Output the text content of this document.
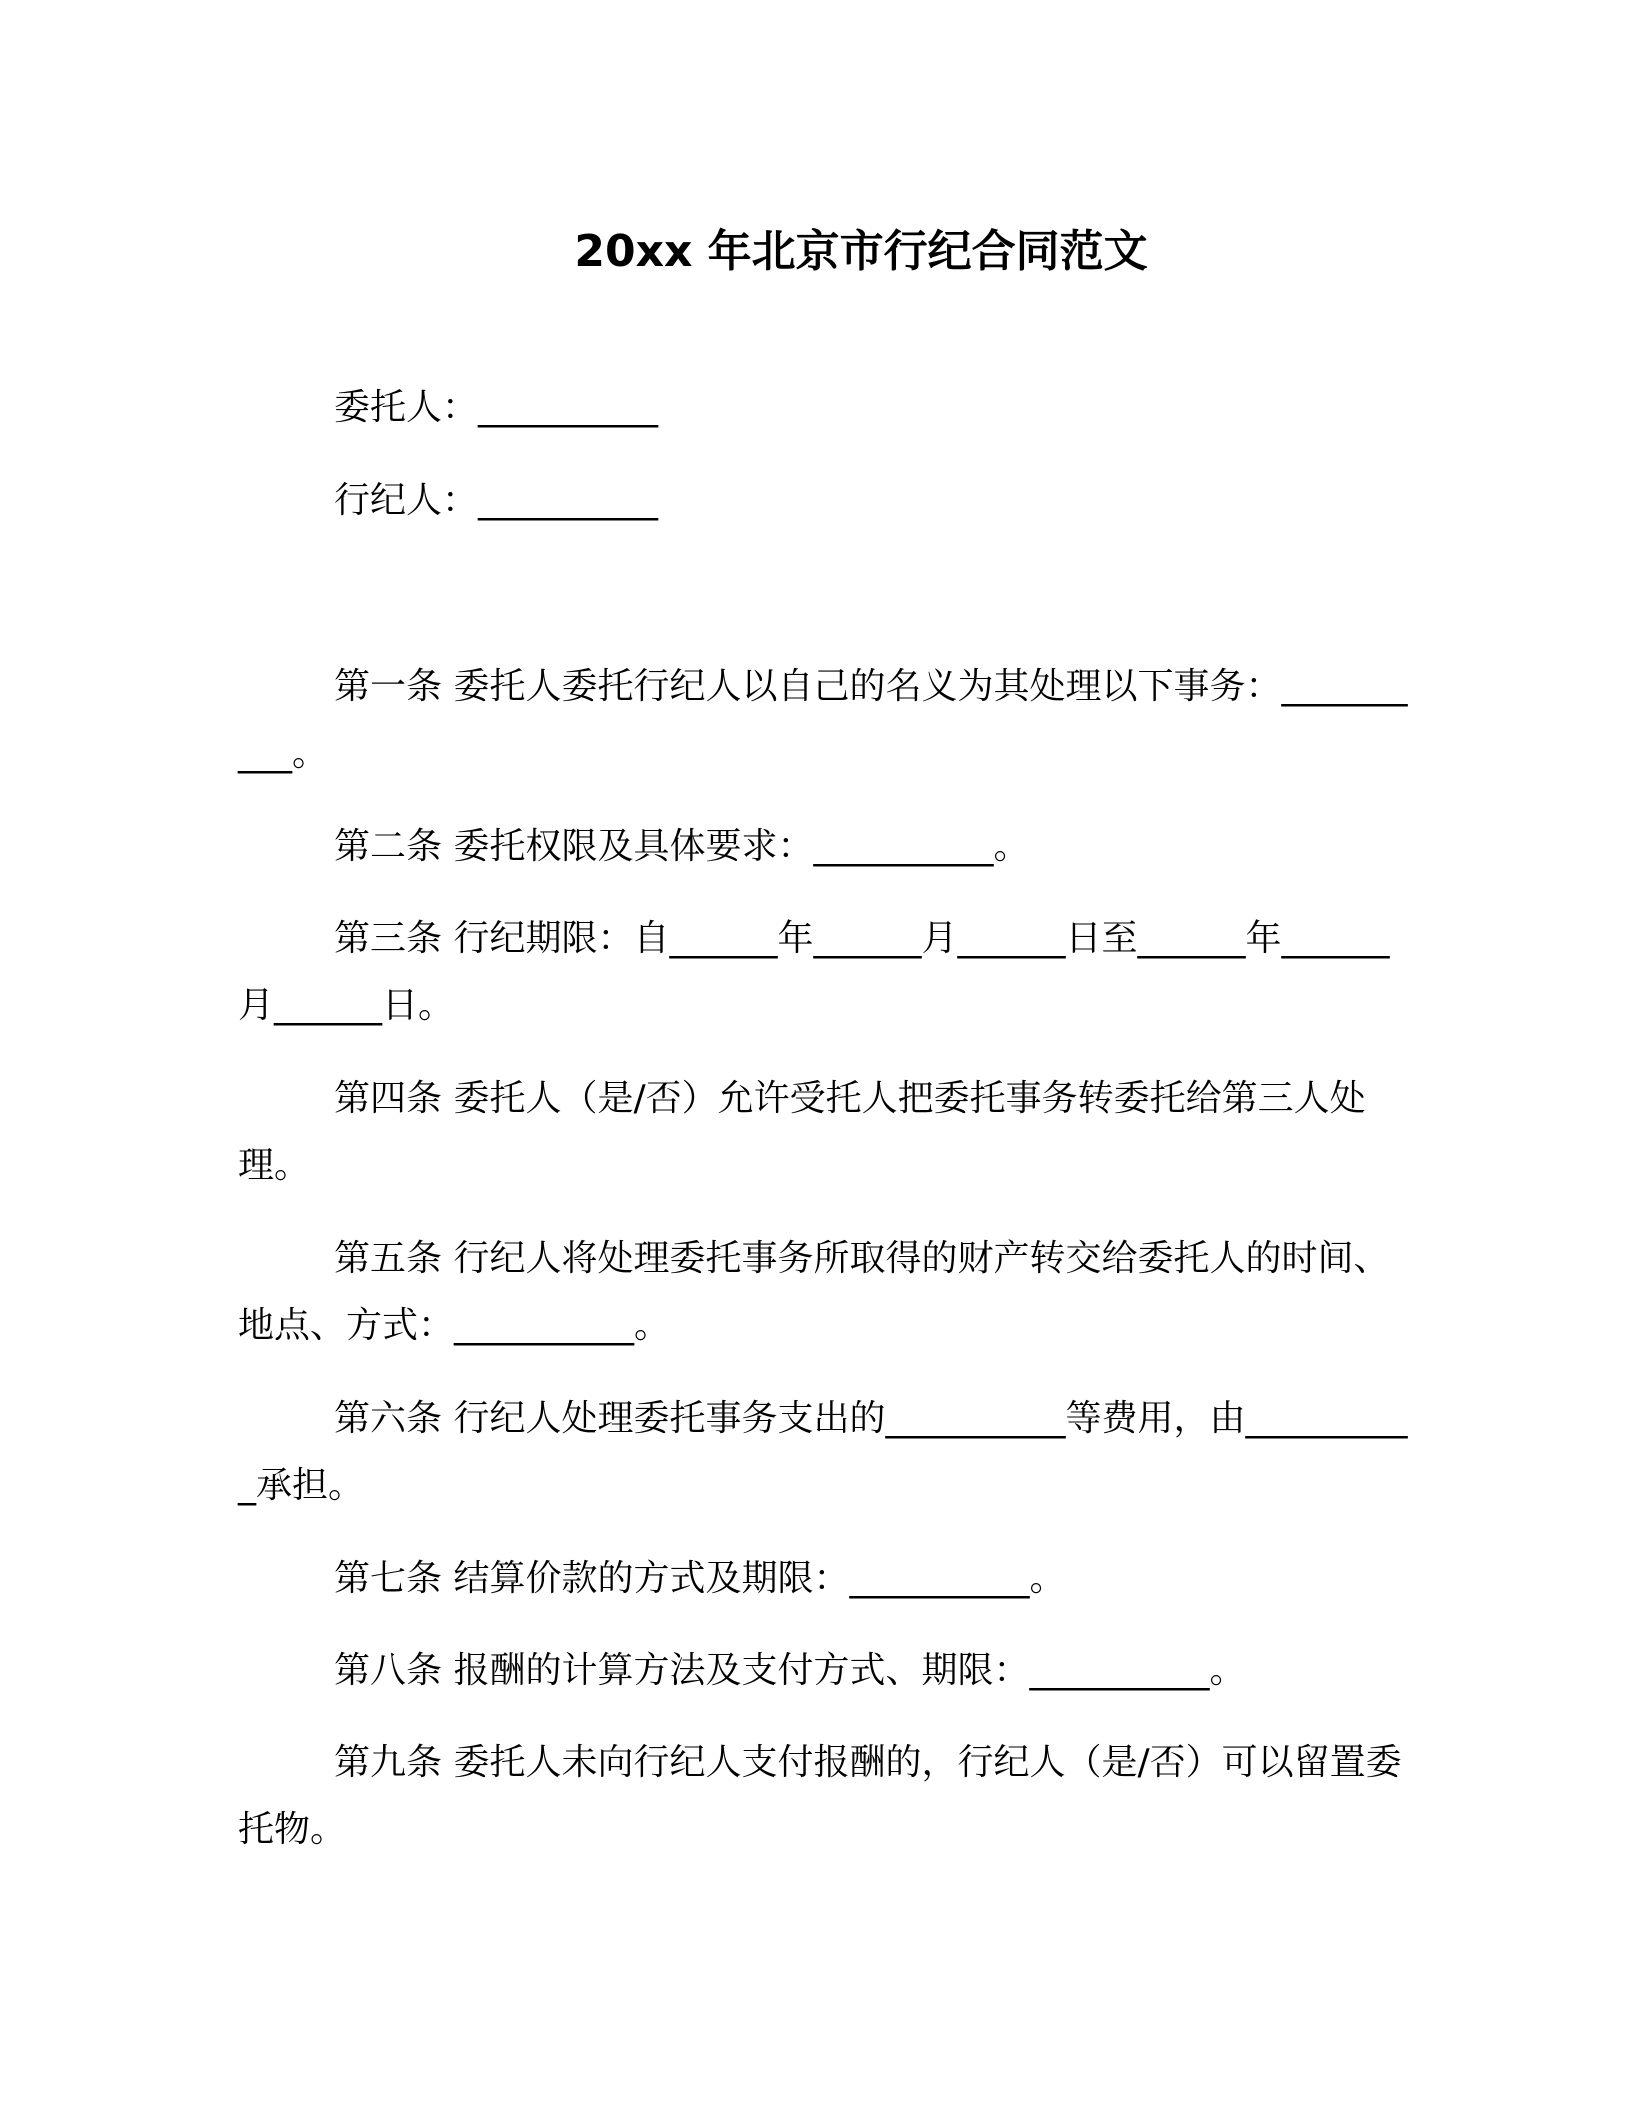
20xx 年北京市行纪合同范文
委托人：__________
行纪人：__________
第一条 委托人委托行纪人以自己的名义为其处理以下事务：__________。
第二条 委托权限及具体要求：__________。
第三条 行纪期限：自______年______月______日至______年______月______日。
第四条 委托人（是/否）允许受托人把委托事务转委托给第三人处理。
第五条 行纪人将处理委托事务所取得的财产转交给委托人的时间、地点、方式：__________。
第六条 行纪人处理委托事务支出的__________等费用，由__________承担。
第七条 结算价款的方式及期限：__________。
第八条 报酬的计算方法及支付方式、期限：__________。
第九条 委托人未向行纪人支付报酬的，行纪人（是/否）可以留置委托物。
